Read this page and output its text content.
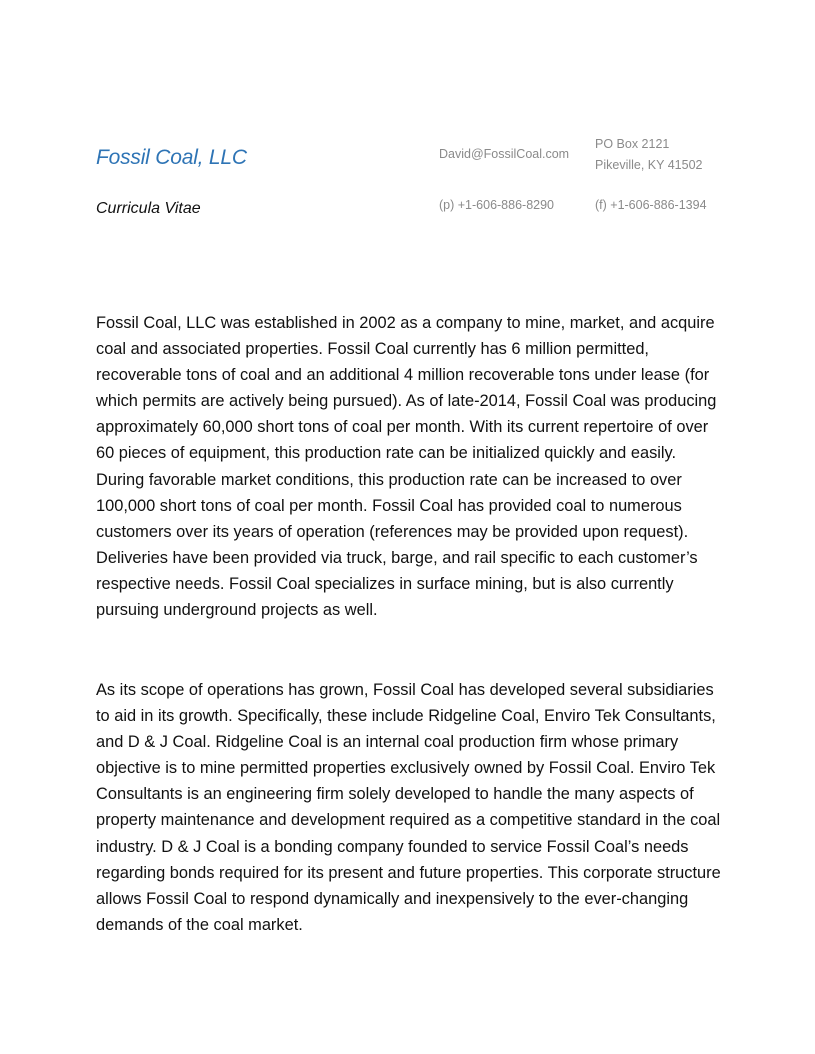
Fossil Coal, LLC
Curricula Vitae
David@FossilCoal.com
PO Box 2121
Pikeville, KY 41502
(p) +1-606-886-8290	(f) +1-606-886-1394

Fossil Coal, LLC was established in 2002 as a company to mine, market, and acquire coal and associated properties. Fossil Coal currently has 6 million permitted, recoverable tons of coal and an additional 4 million recoverable tons under lease (for which permits are actively being pursued). As of late-2014, Fossil Coal was producing approximately 60,000 short tons of coal per month. With its current repertoire of over 60 pieces of equipment, this production rate can be initialized quickly and easily. During favorable market conditions, this production rate can be increased to over 100,000 short tons of coal per month. Fossil Coal has provided coal to numerous customers over its years of operation (references may be provided upon request). Deliveries have been provided via truck, barge, and rail specific to each customer’s respective needs. Fossil Coal specializes in surface mining, but is also currently pursuing underground projects as well.

As its scope of operations has grown, Fossil Coal has developed several subsidiaries to aid in its growth. Specifically, these include Ridgeline Coal, Enviro Tek Consultants, and D & J Coal. Ridgeline Coal is an internal coal production firm whose primary objective is to mine permitted properties exclusively owned by Fossil Coal. Enviro Tek Consultants is an engineering firm solely developed to handle the many aspects of property maintenance and development required as a competitive standard in the coal industry. D & J Coal is a bonding company founded to service Fossil Coal’s needs regarding bonds required for its present and future properties. This corporate structure allows Fossil Coal to respond dynamically and inexpensively to the ever-changing demands of the coal market.
